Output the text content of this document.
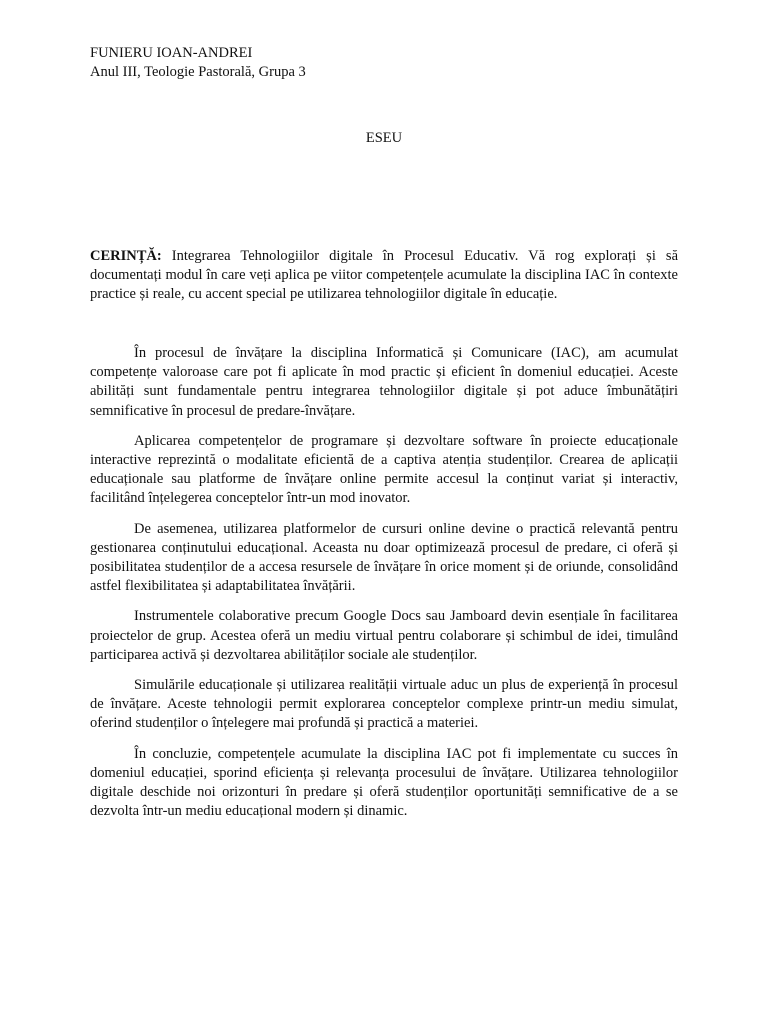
FUNIERU IOAN-ANDREI
Anul III, Teologie Pastorală, Grupa 3
ESEU

CERINȚĂ: Integrarea Tehnologiilor digitale în Procesul Educativ. Vă rog explorați și să documentați modul în care veți aplica pe viitor competențele acumulate la disciplina IAC în contexte practice și reale, cu accent special pe utilizarea tehnologiilor digitale în educație.

În procesul de învățare la disciplina Informatică și Comunicare (IAC), am acumulat competențe valoroase care pot fi aplicate în mod practic și eficient în domeniul educației. Aceste abilități sunt fundamentale pentru integrarea tehnologiilor digitale și pot aduce îmbunătățiri semnificative în procesul de predare-învățare.

Aplicarea competențelor de programare și dezvoltare software în proiecte educaționale interactive reprezintă o modalitate eficientă de a captiva atenția studenților. Crearea de aplicații educaționale sau platforme de învățare online permite accesul la conținut variat și interactiv, facilitând înțelegerea conceptelor într-un mod inovator.

De asemenea, utilizarea platformelor de cursuri online devine o practică relevantă pentru gestionarea conținutului educațional. Aceasta nu doar optimizează procesul de predare, ci oferă și posibilitatea studenților de a accesa resursele de învățare în orice moment și de oriunde, consolidând astfel flexibilitatea și adaptabilitatea învățării.

Instrumentele colaborative precum Google Docs sau Jamboard devin esențiale în facilitarea proiectelor de grup. Acestea oferă un mediu virtual pentru colaborare și schimbul de idei, timulând participarea activă și dezvoltarea abilităților sociale ale studenților.

Simulările educaționale și utilizarea realității virtuale aduc un plus de experiență în procesul de învățare. Aceste tehnologii permit explorarea conceptelor complexe printr-un mediu simulat, oferind studenților o înțelegere mai profundă și practică a materiei.

În concluzie, competențele acumulate la disciplina IAC pot fi implementate cu succes în domeniul educației, sporind eficiența și relevanța procesului de învățare. Utilizarea tehnologiilor digitale deschide noi orizonturi în predare și oferă studenților oportunități semnificative de a se dezvolta într-un mediu educațional modern și dinamic.
